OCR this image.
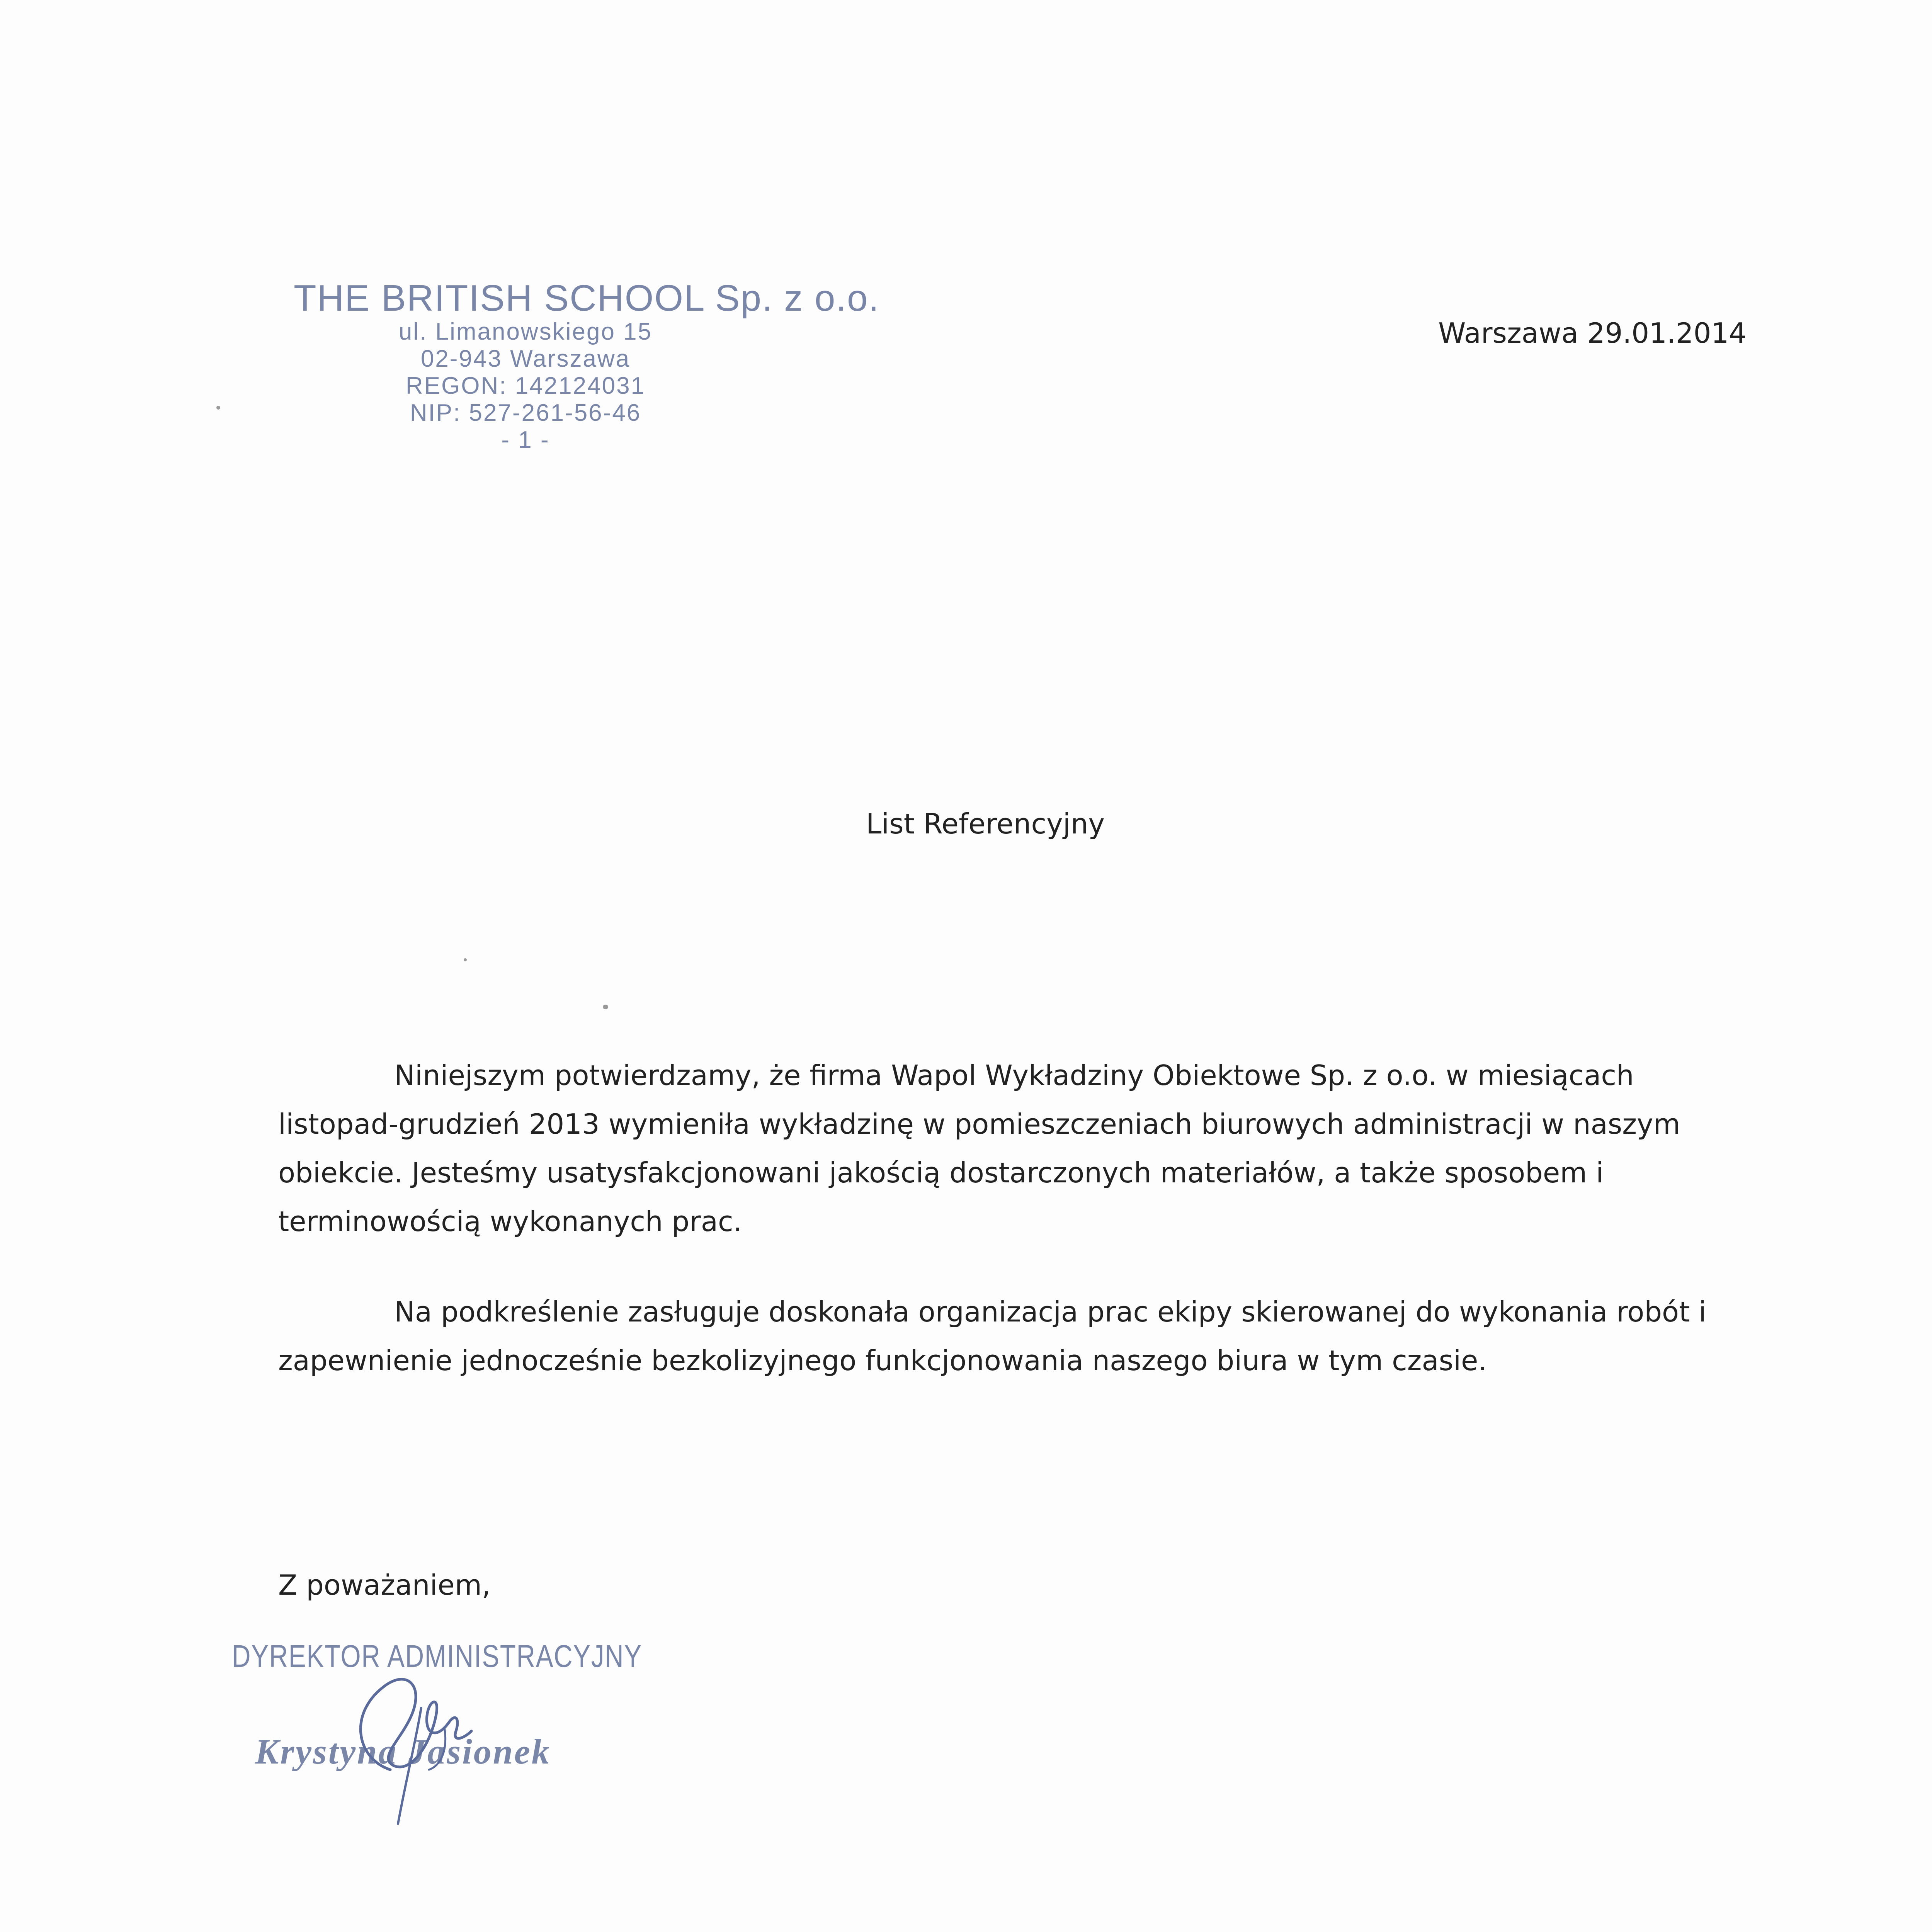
THE BRITISH SCHOOL Sp. z o.o.
ul. Limanowskiego 15
02-943 Warszawa
REGON: 142124031
NIP: 527-261-56-46
- 1 -
Warszawa 29.01.2014
List Referencyjny

Niniejszym potwierdzamy, że firma Wapol Wykładziny Obiektowe Sp. z o.o. w miesiącach listopad-grudzień 2013 wymieniła wykładzinę w pomieszczeniach biurowych administracji w naszym obiekcie. Jesteśmy usatysfakcjonowani jakością dostarczonych materiałów, a także sposobem i terminowością wykonanych prac.

Na podkreślenie zasługuje doskonała organizacja prac ekipy skierowanej do wykonania robót i zapewnienie jednocześnie bezkolizyjnego funkcjonowania naszego biura w tym czasie.

Z poważaniem,
DYREKTOR ADMINISTRACYJNY
Krystyna Jasionek
